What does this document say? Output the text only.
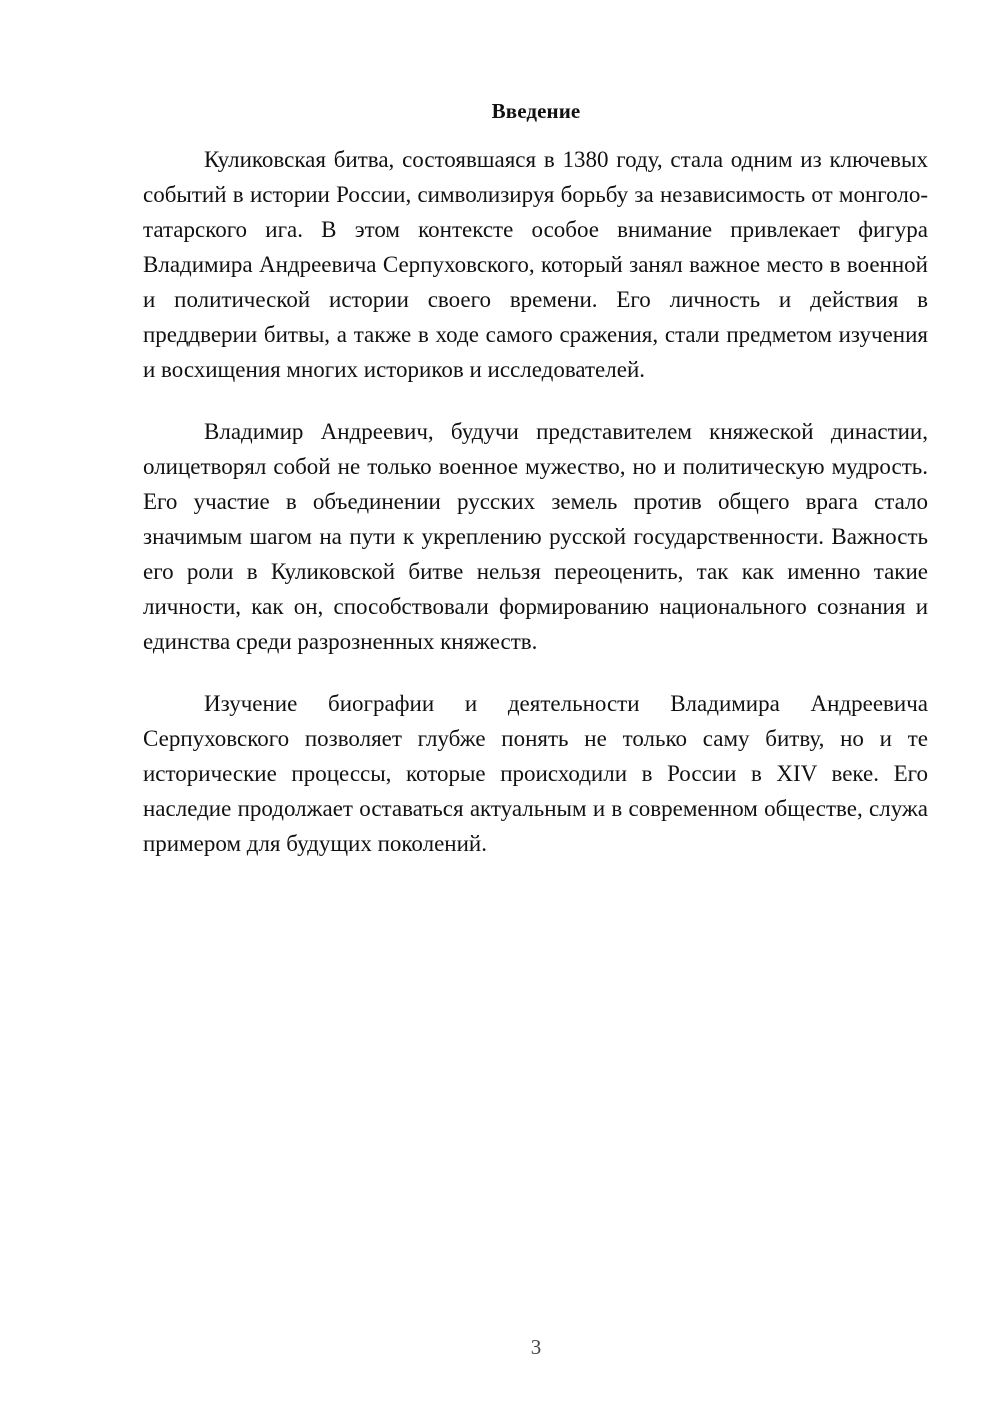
Введение

Куликовская битва, состоявшаяся в 1380 году, стала одним из ключевых событий в истории России, символизируя борьбу за независимость от монголо-татарского ига. В этом контексте особое внимание привлекает фигура Владимира Андреевича Серпуховского, который занял важное место в военной и политической истории своего времени. Его личность и действия в преддверии битвы, а также в ходе самого сражения, стали предметом изучения и восхищения многих историков и исследователей.

Владимир Андреевич, будучи представителем княжеской династии, олицетворял собой не только военное мужество, но и политическую мудрость. Его участие в объединении русских земель против общего врага стало значимым шагом на пути к укреплению русской государственности. Важность его роли в Куликовской битве нельзя переоценить, так как именно такие личности, как он, способствовали формированию национального сознания и единства среди разрозненных княжеств.

Изучение биографии и деятельности Владимира Андреевича Серпуховского позволяет глубже понять не только саму битву, но и те исторические процессы, которые происходили в России в XIV веке. Его наследие продолжает оставаться актуальным и в современном обществе, служа примером для будущих поколений.

3
